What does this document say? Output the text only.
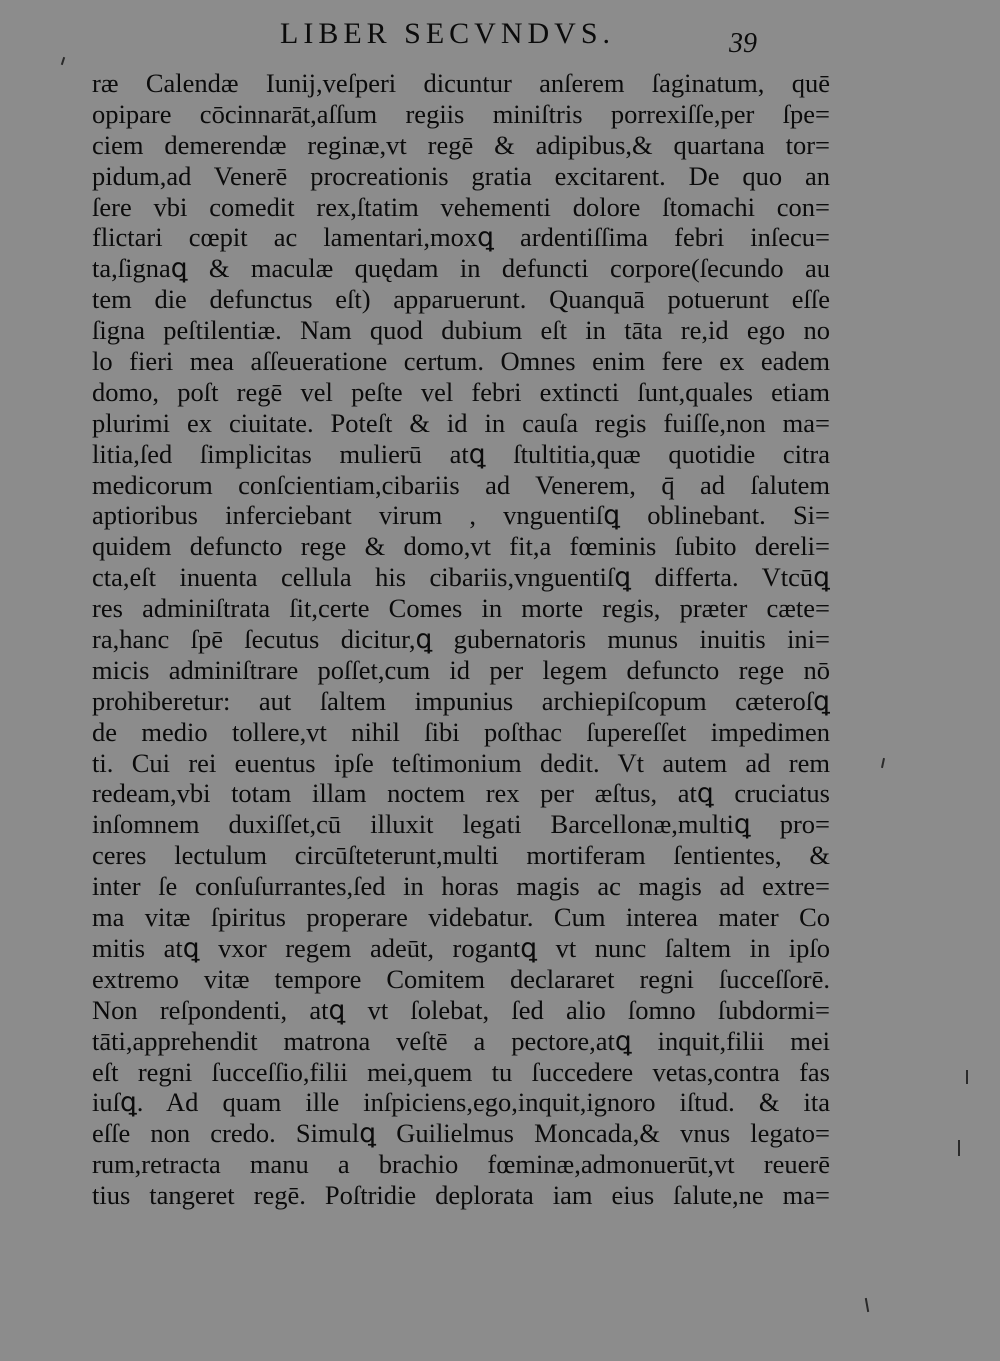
LIBER SECVNDVS.	39
ræ Calendæ Iunij,veſperi dicuntur anſerem ſaginatum, quē
opipare cōcinnarāt,aſſum regiis miniſtris porrexiſſe,per ſpe=
ciem demerendæ reginæ,vt regē & adipibus,& quartana tor=
pidum,ad Venerē procreationis gratia excitarent. De quo an
ſere vbi comedit rex,ſtatim vehementi dolore ſtomachi con=
flictari cœpit ac lamentari,moxꝗ ardentiſſima febri inſecu=
ta,ſignaꝗ & maculæ quędam in defuncti corpore(ſecundo au
tem die defunctus eſt) apparuerunt. Quanquā potuerunt eſſe
ſigna peſtilentiæ. Nam quod dubium eſt in tāta re,id ego no
lo fieri mea aſſeueratione certum. Omnes enim fere ex eadem
domo, poſt regē vel peſte vel febri extincti ſunt,quales etiam
plurimi ex ciuitate. Poteſt & id in cauſa regis fuiſſe,non ma=
litia,ſed ſimplicitas mulierū atꝗ ſtultitia,quæ quotidie citra
medicorum conſcientiam,cibariis ad Venerem, q̄ ad ſalutem
aptioribus inferciebant virum , vnguentiſꝗ oblinebant. Si=
quidem defuncto rege & domo,vt fit,a fœminis ſubito dereli=
cta,eſt inuenta cellula his cibariis,vnguentiſꝗ differta. Vtcūꝗ
res adminiſtrata ſit,certe Comes in morte regis, præter cæte=
ra,hanc ſpē ſecutus dicitur,ꝗ gubernatoris munus inuitis ini=
micis adminiſtrare poſſet,cum id per legem defuncto rege nō
prohiberetur: aut ſaltem impunius archiepiſcopum cæteroſꝗ
de medio tollere,vt nihil ſibi poſthac ſupereſſet impedimen
ti. Cui rei euentus ipſe teſtimonium dedit. Vt autem ad rem
redeam,vbi totam illam noctem rex per æſtus, atꝗ cruciatus
inſomnem duxiſſet,cū illuxit legati Barcellonæ,multiꝗ pro=
ceres lectulum circūſteterunt,multi mortiferam ſentientes, &
inter ſe conſuſurrantes,ſed in horas magis ac magis ad extre=
ma vitæ ſpiritus properare videbatur. Cum interea mater Co
mitis atꝗ vxor regem adeūt, rogantꝗ vt nunc ſaltem in ipſo
extremo vitæ tempore Comitem declararet regni ſucceſſorē.
Non reſpondenti, atꝗ vt ſolebat, ſed alio ſomno ſubdormi=
tāti,apprehendit matrona veſtē a pectore,atꝗ inquit,filii mei
eſt regni ſucceſſio,filii mei,quem tu ſuccedere vetas,contra fas
iuſꝗ. Ad quam ille inſpiciens,ego,inquit,ignoro iſtud. & ita
eſſe non credo. Simulꝗ Guilielmus Moncada,& vnus legato=
rum,retracta manu a brachio fœminæ,admonuerūt,vt reuerē
tius tangeret regē. Poſtridie deplorata iam eius ſalute,ne ma=
